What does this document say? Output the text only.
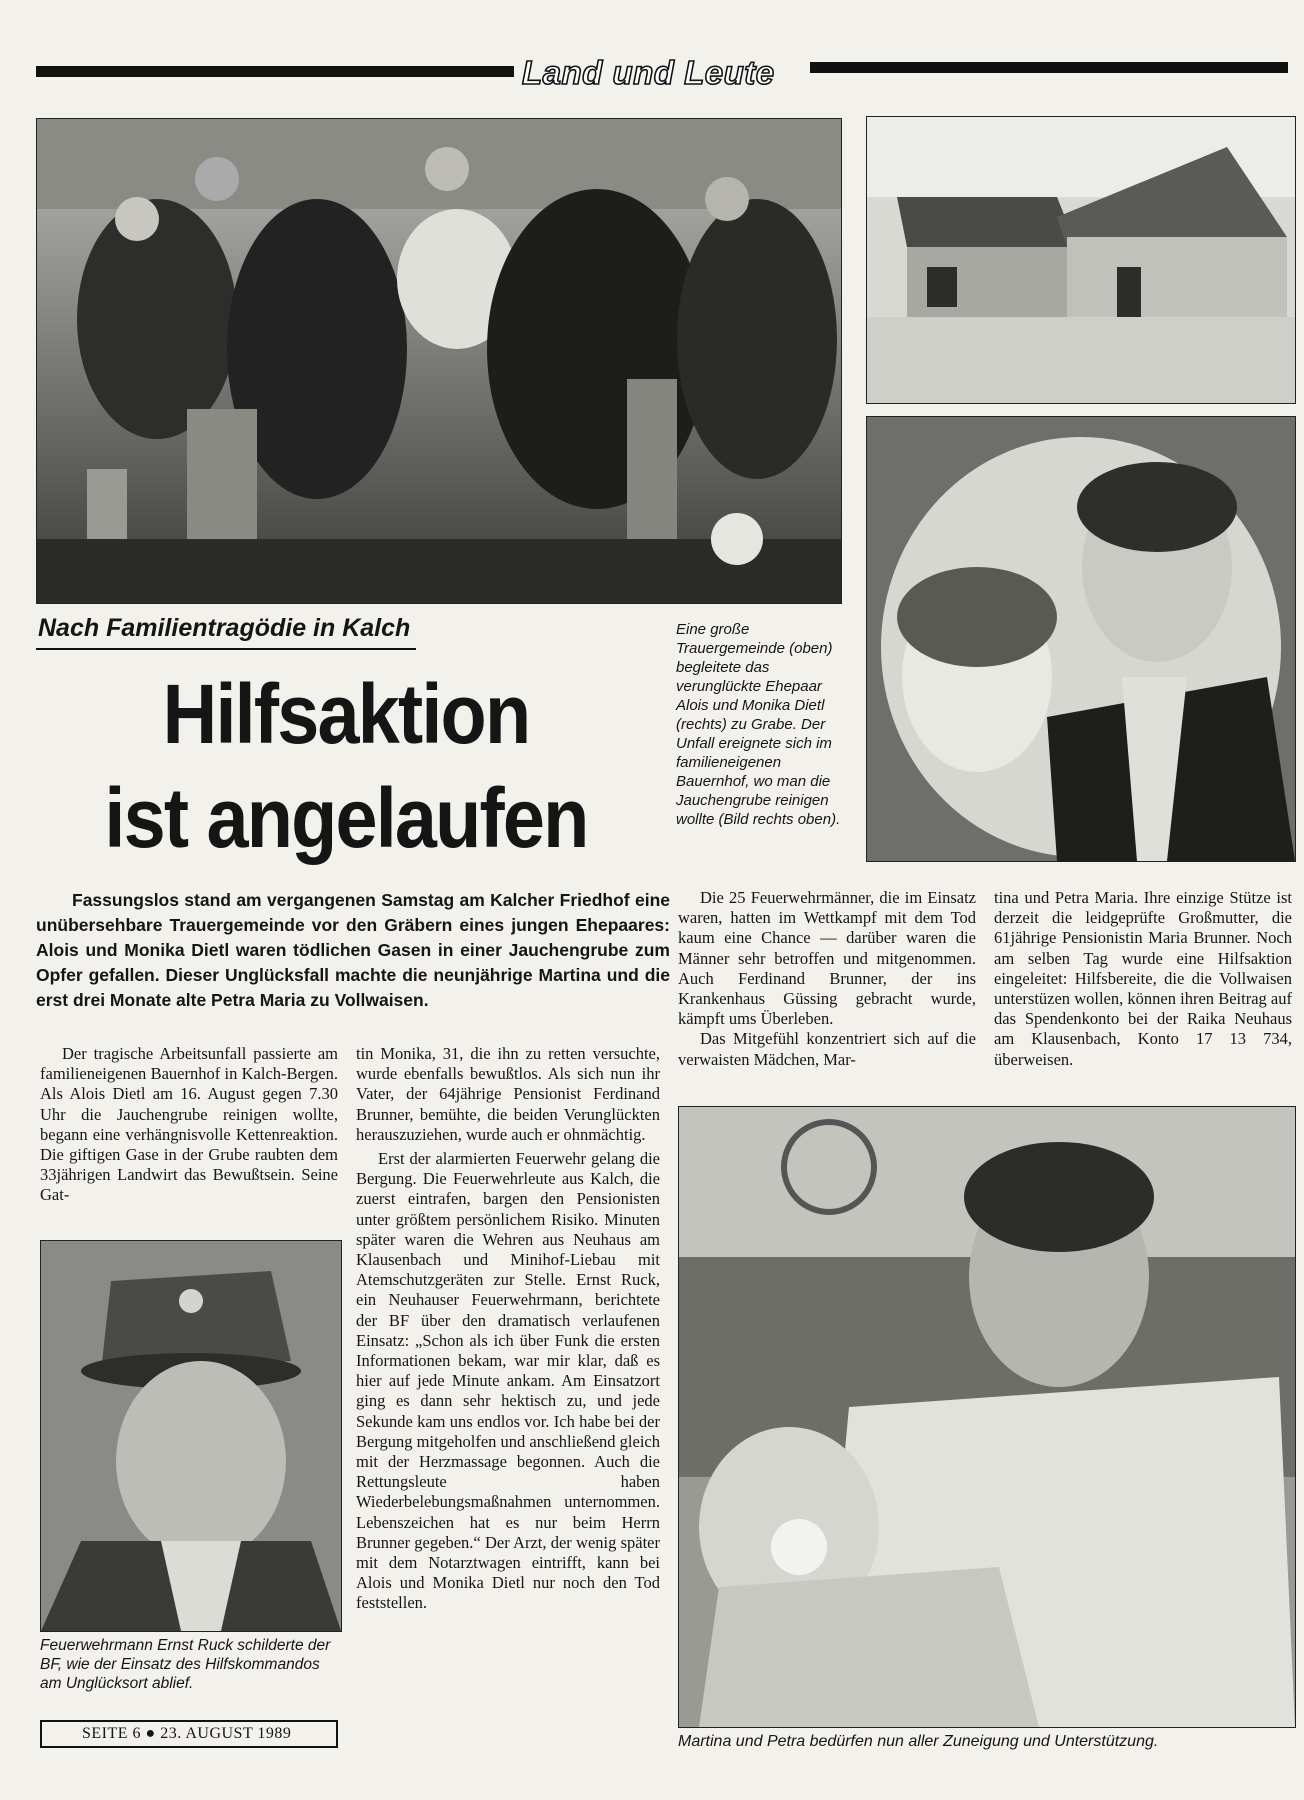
Land und Leute
Nach Familientragödie in Kalch
Hilfsaktion
ist angelaufen
Eine große Trauergemeinde (oben) begleitete das verunglückte Ehepaar Alois und Monika Dietl (rechts) zu Grabe. Der Unfall ereignete sich im familieneigenen Bauernhof, wo man die Jauchengrube reinigen wollte (Bild rechts oben).
Fassungslos stand am vergangenen Samstag am Kalcher Friedhof eine unübersehbare Trauergemeinde vor den Gräbern eines jungen Ehepaares: Alois und Monika Dietl waren tödlichen Gasen in einer Jauchengrube zum Opfer gefallen. Dieser Unglücksfall machte die neunjährige Martina und die erst drei Monate alte Petra Maria zu Vollwaisen.

Der tragische Arbeitsunfall passierte am familieneigenen Bauernhof in Kalch-Bergen. Als Alois Dietl am 16. August gegen 7.30 Uhr die Jauchengrube reinigen wollte, begann eine verhängnisvolle Kettenreaktion. Die giftigen Gase in der Grube raubten dem 33jährigen Landwirt das Bewußtsein. Seine Gat-

Feuerwehrmann Ernst Ruck schilderte der BF, wie der Einsatz des Hilfskommandos am Unglücksort ablief.
SEITE 6 ● 23. AUGUST 1989

tin Monika, 31, die ihn zu retten versuchte, wurde ebenfalls bewußtlos. Als sich nun ihr Vater, der 64jährige Pensionist Ferdinand Brunner, bemühte, die beiden Verunglückten herauszuziehen, wurde auch er ohnmächtig.

Erst der alarmierten Feuerwehr gelang die Bergung. Die Feuerwehrleute aus Kalch, die zuerst eintrafen, bargen den Pensionisten unter größtem persönlichem Risiko. Minuten später waren die Wehren aus Neuhaus am Klausenbach und Minihof-Liebau mit Atemschutzgeräten zur Stelle. Ernst Ruck, ein Neuhauser Feuerwehrmann, berichtete der BF über den dramatisch verlaufenen Einsatz: „Schon als ich über Funk die ersten Informationen bekam, war mir klar, daß es hier auf jede Minute ankam. Am Einsatzort ging es dann sehr hektisch zu, und jede Sekunde kam uns endlos vor. Ich habe bei der Bergung mitgeholfen und anschließend gleich mit der Herzmassage begonnen. Auch die Rettungsleute haben Wiederbelebungsmaßnahmen unternommen. Lebenszeichen hat es nur beim Herrn Brunner gegeben.“ Der Arzt, der wenig später mit dem Notarztwagen eintrifft, kann bei Alois und Monika Dietl nur noch den Tod feststellen.

Die 25 Feuerwehrmänner, die im Einsatz waren, hatten im Wettkampf mit dem Tod kaum eine Chance — darüber waren die Männer sehr betroffen und mitgenommen. Auch Ferdinand Brunner, der ins Krankenhaus Güssing gebracht wurde, kämpft ums Überleben.

Das Mitgefühl konzentriert sich auf die verwaisten Mädchen, Mar-

tina und Petra Maria. Ihre einzige Stütze ist derzeit die leidgeprüfte Großmutter, die 61jährige Pensionistin Maria Brunner. Noch am selben Tag wurde eine Hilfsaktion eingeleitet: Hilfsbereite, die die Vollwaisen unterstüzen wollen, können ihren Beitrag auf das Spendenkonto bei der Raika Neuhaus am Klausenbach, Konto 17 13 734, überweisen.

Martina und Petra bedürfen nun aller Zuneigung und Unterstützung.
